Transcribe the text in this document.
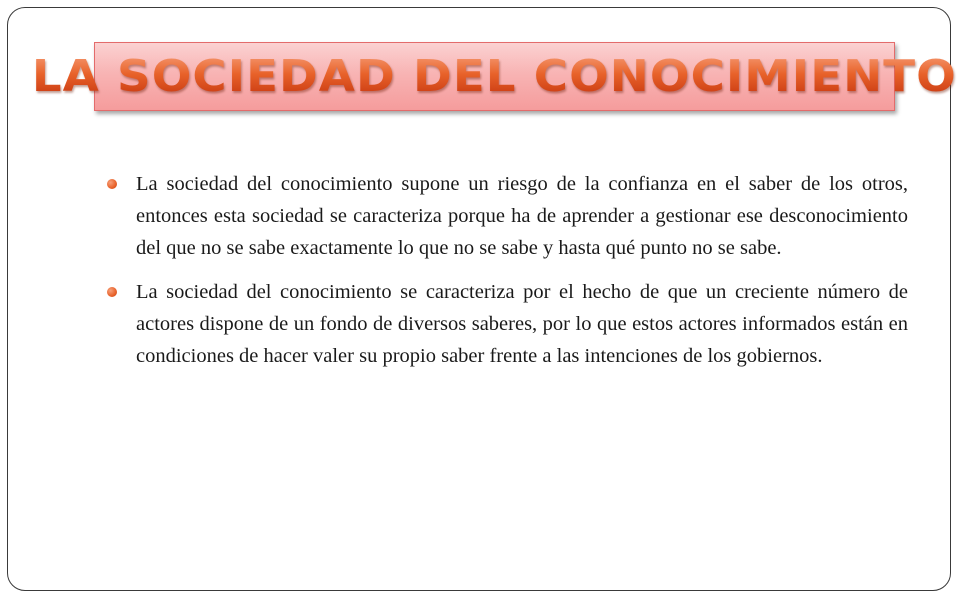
LA SOCIEDAD DEL CONOCIMIENTO
La sociedad del conocimiento supone un riesgo de la confianza en el saber de los otros, entonces esta sociedad se caracteriza porque ha de aprender a gestionar ese desconocimiento del que no se sabe exactamente lo que no se sabe y hasta qué punto no se sabe.
La sociedad del conocimiento se caracteriza por el hecho de que un creciente número de actores dispone de un fondo de diversos saberes, por lo que estos actores informados están en condiciones de hacer valer su propio saber frente a las intenciones de los gobiernos.
